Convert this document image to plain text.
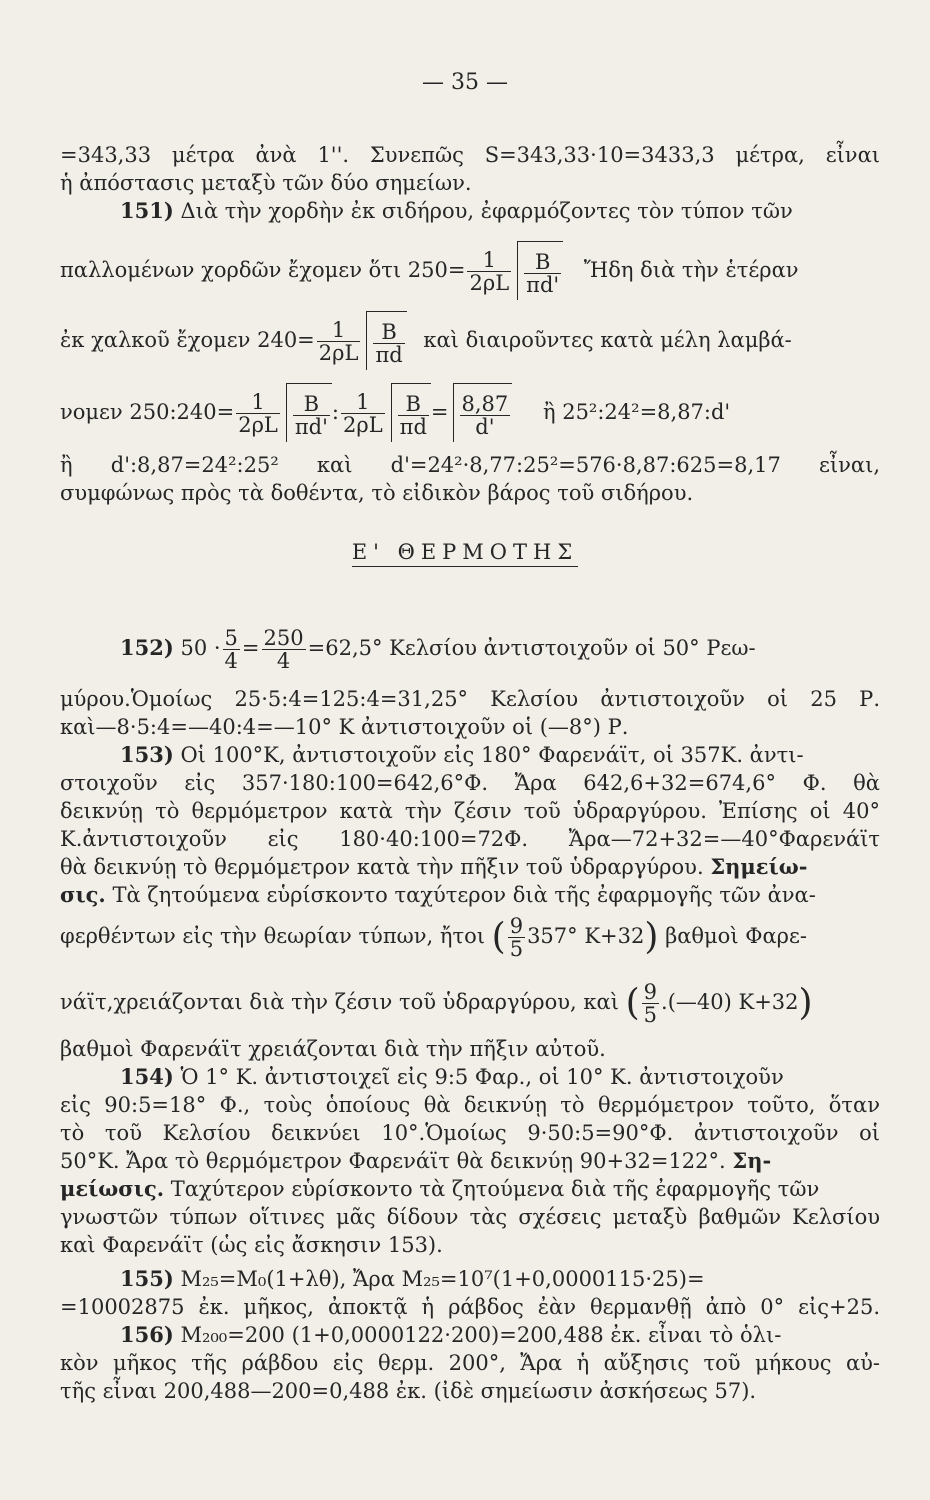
— 35 —
=343,33 μέτρα ἀνὰ 1''. Συνεπῶς S=343,33·10=3433,3 μέτρα, εἶναι
ἡ ἀπόστασις μεταξὺ τῶν δύο σημείων.
151) Διὰ τὴν χορδὴν ἐκ σιδήρου, ἐφαρμόζοντες τὸν τύπον τῶν
παλλομένων χορδῶν ἔχομεν ὅτι $250= \frac{1}{2\rho L} \frac{B}{\pi d'}$ Ἤδη διὰ τὴν ἑτέραν
ἐκ χαλκοῦ ἔχομεν $240= \frac{1}{2\rho L} \frac{B}{\pi d}$ καὶ διαιροῦντες κατὰ μέλη λαμβά-
νομεν 250:240= $\frac{1}{2\rho L} \frac{B}{\pi d'}$ : $\frac{1}{2\rho L} \frac{B}{\pi d} = \frac{8,87}{d'}$ ἢ 25²:24²=8,87:d'
ἢ d':8,87=24²:25² καὶ d'=24²·8,77:25²=576·8,87:625=8,17 εἶναι,
συμφώνως πρὸς τὰ δοθέντα, τὸ εἰδικὸν βάρος τοῦ σιδήρου.
Ε' ΘΕΡΜΟΤΗΣ
152) $50 \cdot \frac{5}{4} = \frac{250}{4} =62,5^\circ$ Κελσίου ἀντιστοιχοῦν οἱ 50° Ρεω-
μύρου.Ὁμοίως 25·5:4=125:4=31,25° Κελσίου ἀντιστοιχοῦν οἱ 25 Ρ.
καὶ—8·5:4=—40:4=—10° Κ ἀντιστοιχοῦν οἱ (—8°) Ρ.
153) Οἱ 100°Κ, ἀντιστοιχοῦν εἰς 180° Φαρενάϊτ, οἱ 357Κ. ἀντι-
στοιχοῦν εἰς 357·180:100=642,6°Φ. Ἄρα 642,6+32=674,6° Φ. θὰ
δεικνύῃ τὸ θερμόμετρον κατὰ τὴν ζέσιν τοῦ ὑδραργύρου. Ἐπίσης οἱ 40°
Κ.ἀντιστοιχοῦν εἰς 180·40:100=72Φ. Ἄρα—72+32=—40°Φαρενάϊτ
θὰ δεικνύῃ τὸ θερμόμετρον κατὰ τὴν πῆξιν τοῦ ὑδραργύρου. Σημείω-
σις. Τὰ ζητούμενα εὑρίσκοντο ταχύτερον διὰ τῆς ἐφαρμογῆς τῶν ἀνα-
φερθέντων εἰς τὴν θεωρίαν τύπων, ἤτοι ( $\frac{9}{5} 357^\circ$ K+32) βαθμοὶ Φαρε-
νάϊτ,χρειάζονται διὰ τὴν ζέσιν τοῦ ὑδραργύρου, καὶ ( $\frac{9}{5}$ .(—40) K+32)
βαθμοὶ Φαρενάϊτ χρειάζονται διὰ τὴν πῆξιν αὐτοῦ.
154) Ὁ 1° Κ. ἀντιστοιχεῖ εἰς 9:5 Φαρ., οἱ 10° Κ. ἀντιστοιχοῦν
εἰς 90:5=18° Φ., τοὺς ὁποίους θὰ δεικνύῃ τὸ θερμόμετρον τοῦτο, ὅταν
τὸ τοῦ Κελσίου δεικνύει 10°.Ὁμοίως 9·50:5=90°Φ. ἀντιστοιχοῦν οἱ
50°Κ. Ἄρα τὸ θερμόμετρον Φαρενάϊτ θὰ δεικνύῃ 90+32=122°. Ση-
μείωσις. Ταχύτερον εὑρίσκοντο τὰ ζητούμενα διὰ τῆς ἐφαρμογῆς τῶν
γνωστῶν τύπων οἵτινες μᾶς δίδουν τὰς σχέσεις μεταξὺ βαθμῶν Κελσίου
καὶ Φαρενάϊτ (ὡς εἰς ἄσκησιν 153).
155) M₂₅=M₀(1+λθ), Ἄρα M₂₅=10⁷(1+0,0000115·25)=
=10002875 ἐκ. μῆκος, ἀποκτᾷ ἡ ράβδος ἐὰν θερμανθῇ ἀπὸ 0° εἰς+25.
156) M₂₀₀=200 (1+0,0000122·200)=200,488 ἐκ. εἶναι τὸ ὁλι-
κὸν μῆκος τῆς ράβδου εἰς θερμ. 200°, Ἄρα ἡ αὔξησις τοῦ μήκους αὐ-
τῆς εἶναι 200,488—200=0,488 ἐκ. (ἰδὲ σημείωσιν ἀσκήσεως 57).
